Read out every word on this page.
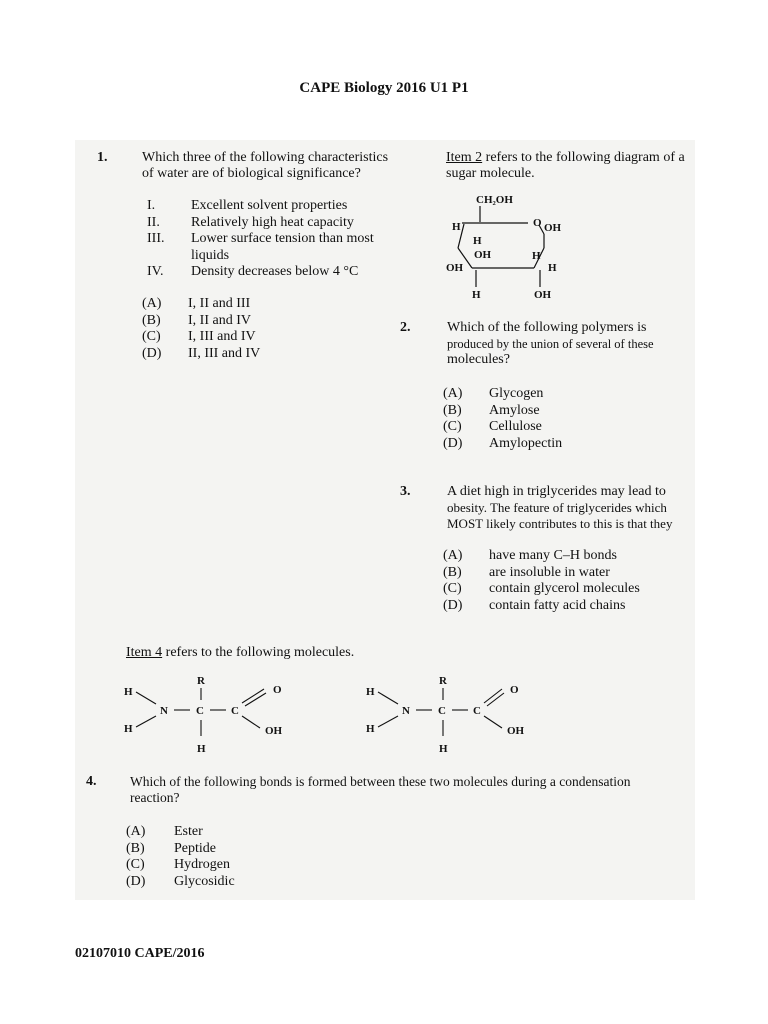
CAPE Biology 2016 U1 P1
1. Which three of the following characteristics of water are of biological significance?
I.	Excellent solvent properties
II. Relatively high heat capacity
III. Lower surface tension than most
liquids
IV. Density decreases below 4 °C
(A) I, II and III
(B) I, II and IV
(C) I, III and IV
(D) II, III and IV
Item 2 refers to the following diagram of a sugar molecule.
CH₂OH
H	O OH
H
OH	H
OH	H
H	OH
2.	Which of the following polymers is
produced by the union of several of these
molecules?
(A) Glycogen
(B) Amylose
(C) Cellulose
(D) Amylopectin
3.	A diet high in triglycerides may lead to
obesity. The feature of triglycerides which
MOST likely contributes to this is that they
(A) have many C–H bonds
(B) are insoluble in water
(C) contain glycerol molecules
(D) contain fatty acid chains
Item 4 refers to the following molecules.
R
H	O
N	C C
H	OH
H
R
H	O
N	C C
H	OH
H
4. Which of the following bonds is formed between these two molecules during a condensation
reaction?
(A) Ester
(B) Peptide
(C) Hydrogen
(D) Glycosidic
02107010 CAPE/2016
